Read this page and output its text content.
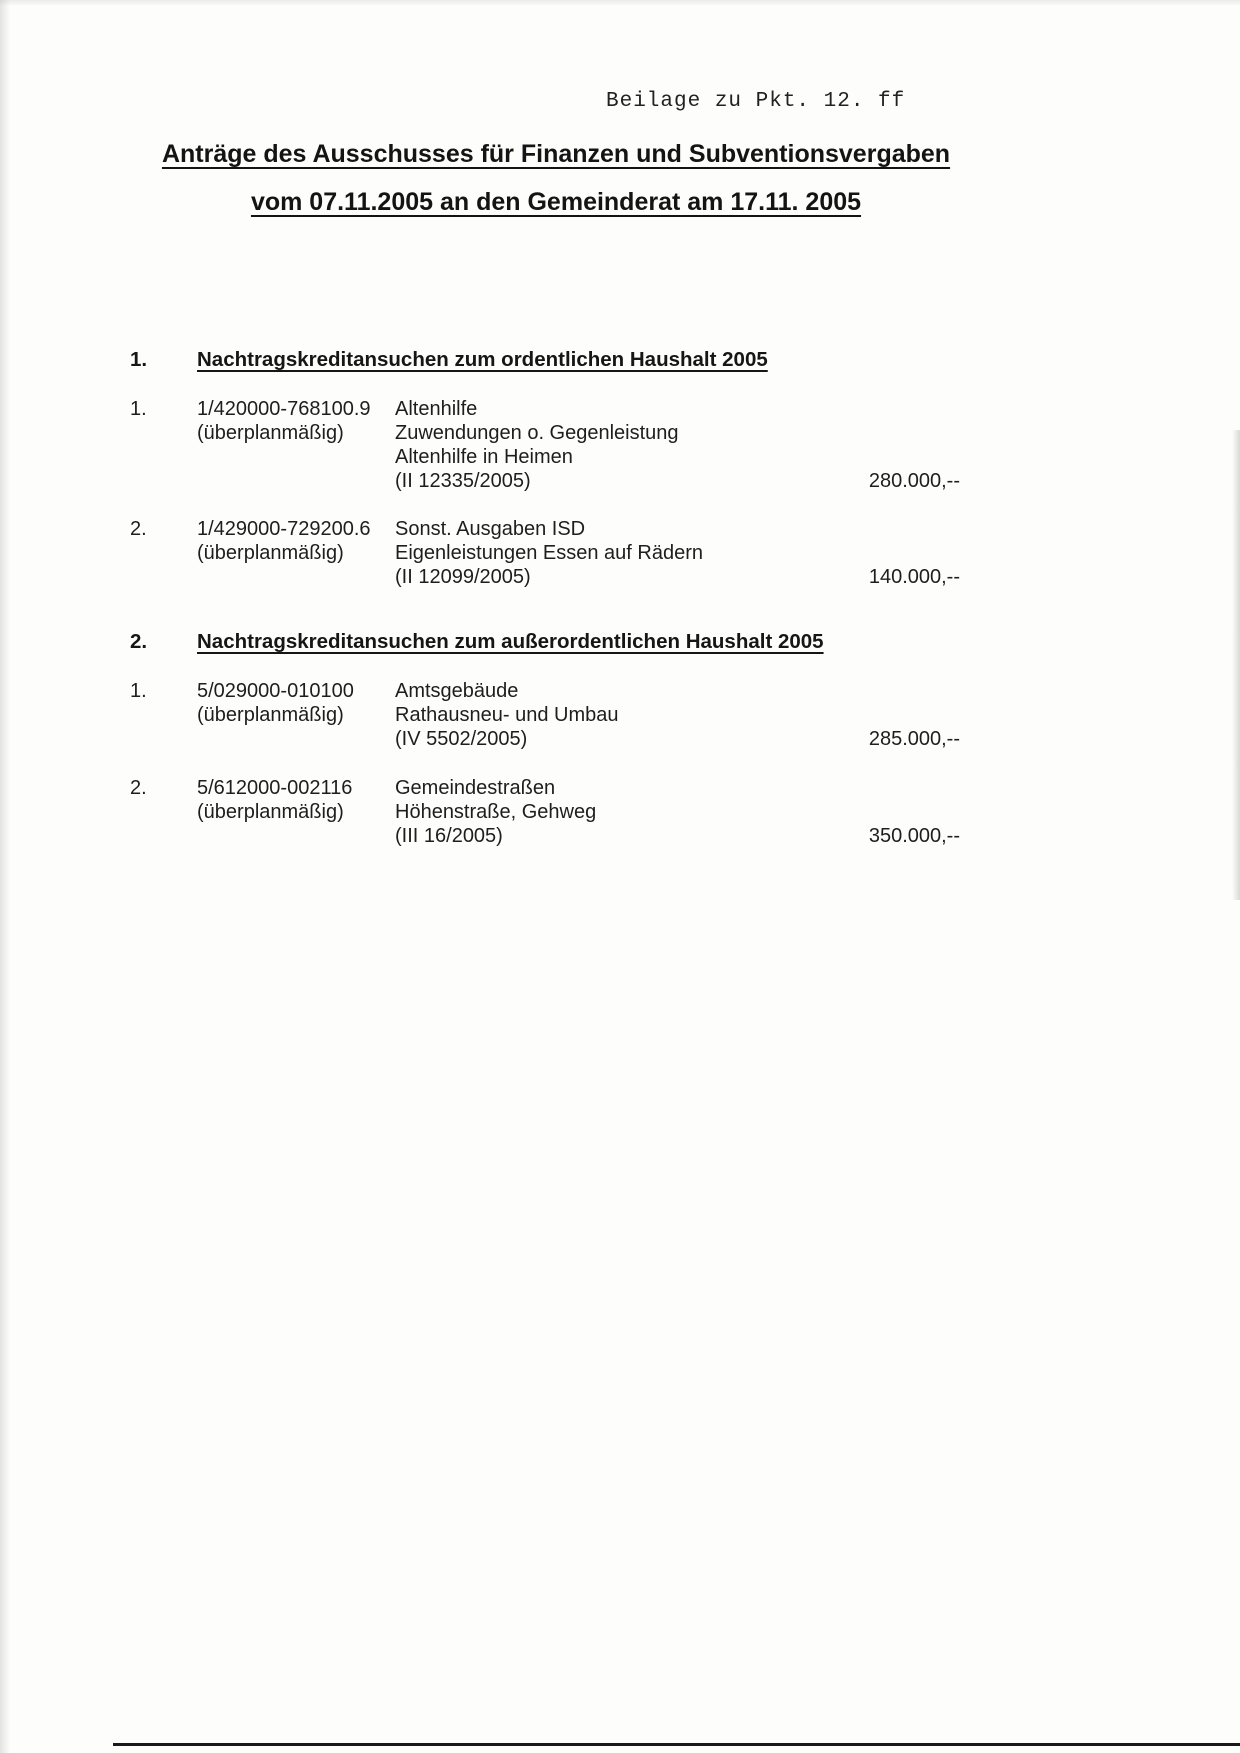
Beilage zu Pkt. 12. ff
Anträge des Ausschusses für Finanzen und Subventionsvergaben
vom 07.11.2005 an den Gemeinderat am 17.11. 2005
1. Nachtragskreditansuchen zum ordentlichen Haushalt 2005
1.	1/420000-768100.9
(überplanmäßig)
Altenhilfe
Zuwendungen o. Gegenleistung
Altenhilfe in Heimen
(II 12335/2005)	280.000,--
2.	1/429000-729200.6
(überplanmäßig)
Sonst. Ausgaben ISD
Eigenleistungen Essen auf Rädern
(II 12099/2005)	140.000,--
2. Nachtragskreditansuchen zum außerordentlichen Haushalt 2005
1.	5/029000-010100
(überplanmäßig)
Amtsgebäude
Rathausneu- und Umbau
(IV 5502/2005)	285.000,--
2.	5/612000-002116
(überplanmäßig)
Gemeindestraßen
Höhenstraße, Gehweg
(III 16/2005)	350.000,--
